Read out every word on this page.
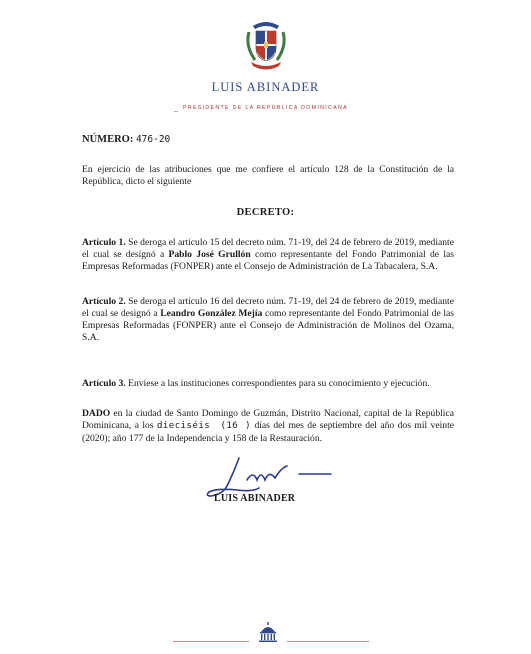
LUIS ABINADER
PRESIDENTE DE LA REPÚBLICA DOMINICANA
NÚMERO: 476-20
En ejercicio de las atribuciones que me confiere el artículo 128 de la Constitución de la República, dicto el siguiente
DECRETO:
Artículo 1. Se deroga el artículo 15 del decreto núm. 71-19, del 24 de febrero de 2019, mediante el cual se designó a Pablo José Grullón como representante del Fondo Patrimonial de las Empresas Reformadas (FONPER) ante el Consejo de Administración de La Tabacalera, S.A.
Artículo 2. Se deroga el artículo 16 del decreto núm. 71-19, del 24 de febrero de 2019, mediante el cual se designó a Leandro González Mejía como representante del Fondo Patrimonial de las Empresas Reformadas (FONPER) ante el Consejo de Administración de Molinos del Ozama, S.A.
Artículo 3. Envíese a las instituciones correspondientes para su conocimiento y ejecución.
DADO en la ciudad de Santo Domingo de Guzmán, Distrito Nacional, capital de la República Dominicana, a los dieciséis (16 ) días del mes de septiembre del año dos mil veinte (2020); año 177 de la Independencia y 158 de la Restauración.
LUIS ABINADER
